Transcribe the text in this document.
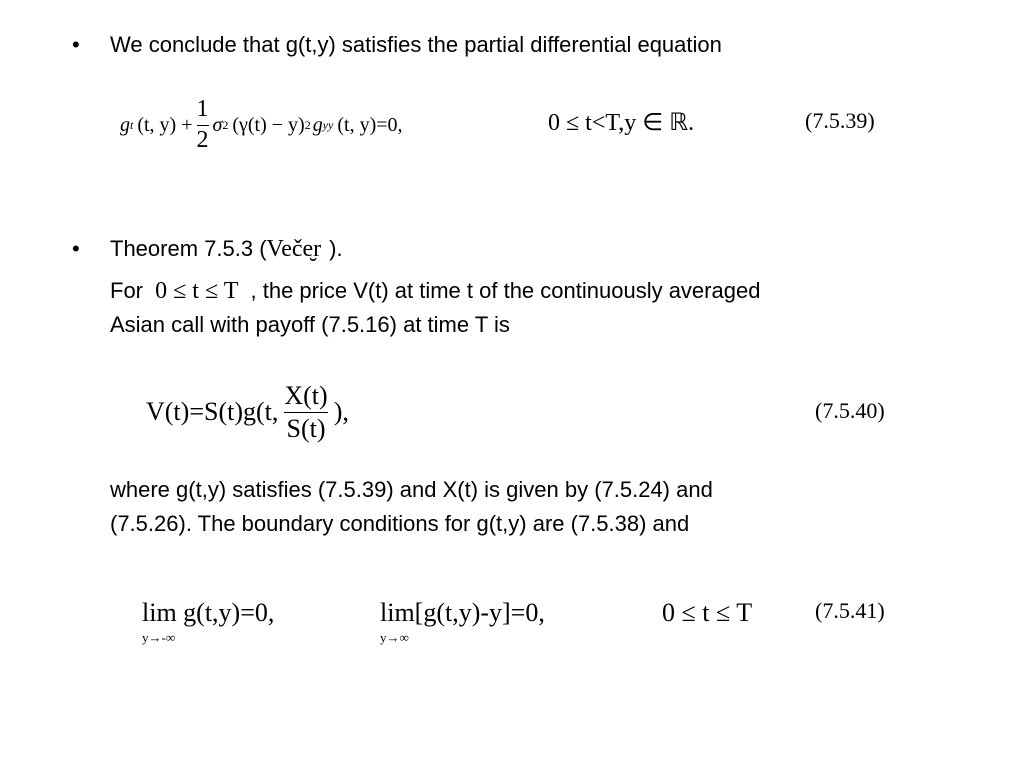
• We conclude that g(t,y) satisfies the partial differential equation
g t (t, $y) + \frac{1}{2}$ σ 2 (γ(t) − y) 2 g yy (t, y)=0,	0 ≤ t<T,y ∈ ℝ.	(7.5.39)
• Theorem 7.5.3 (Veče̮r ).
For 0 ≤ t ≤ T , the price V(t) at time t of the continuously averaged
Asian call with payoff (7.5.16) at time T is
V(t)=S(t)g(t, $\frac{X(t)}{S(t)}$ ),	(7.5.40)
where g(t,y) satisfies (7.5.39) and X(t) is given by (7.5.24) and
(7.5.26). The boundary conditions for g(t,y) are (7.5.38) and
lim
y→-∞
g(t,y)=0,	lim
y→∞
[g(t,y)-y]=0,	0 ≤ t ≤ T	(7.5.41)
